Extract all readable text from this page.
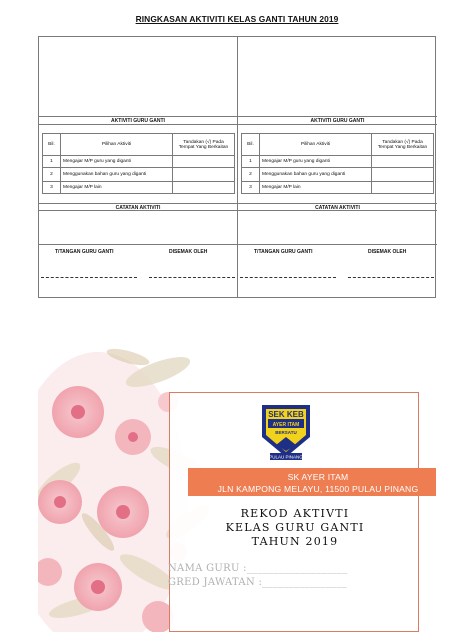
RINGKASAN AKTIVITI KELAS GANTI TAHUN 2019
AKTIVITI GURU GANTI
Bil.	Pilihan Aktiviti	Tandakan (√) Pada Tempat Yang Berkaitan
1	Mengajar M/P guru yang diganti	
2	Menggunakan bahan guru yang diganti	
3	Mengajar M/P lain	
CATATAN AKTIVITI
T/TANGAN GURU GANTI	DISEMAK OLEH
AKTIVITI GURU GANTI
Bil.	Pilihan Aktiviti	Tandakan (√) Pada Tempat Yang Berkaitan
1	Mengajar M/P guru yang diganti	
2	Menggunakan bahan guru yang diganti	
3	Mengajar M/P lain	
CATATAN AKTIVITI
T/TANGAN GURU GANTI	DISEMAK OLEH
SEK KEB
AYER ITAM
BERSATU
PULAU PINANG
SK AYER ITAM
JLN KAMPONG MELAYU, 11500 PULAU PINANG
REKOD AKTIVTI
KELAS GURU GANTI
TAHUN 2019
NAMA GURU :___________________
GRED JAWATAN :________________
